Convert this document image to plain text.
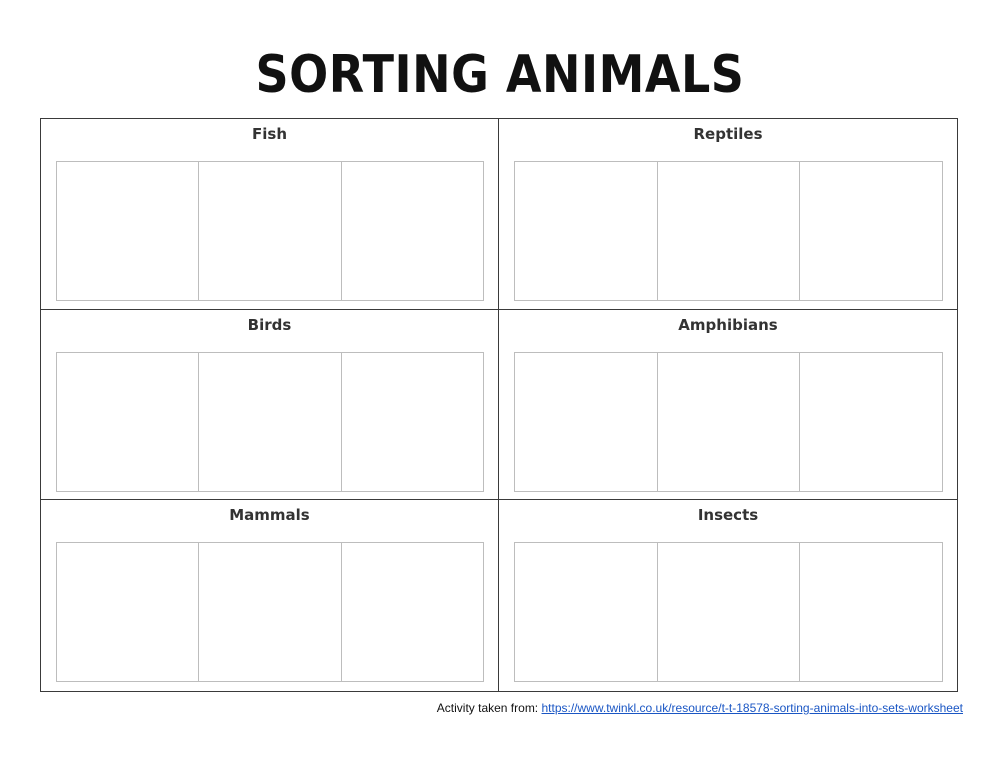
SORTING ANIMALS
Fish	Reptiles
Birds	Amphibians
Mammals	Insects
Activity taken from: https://www.twinkl.co.uk/resource/t-t-18578-sorting-animals-into-sets-worksheet
